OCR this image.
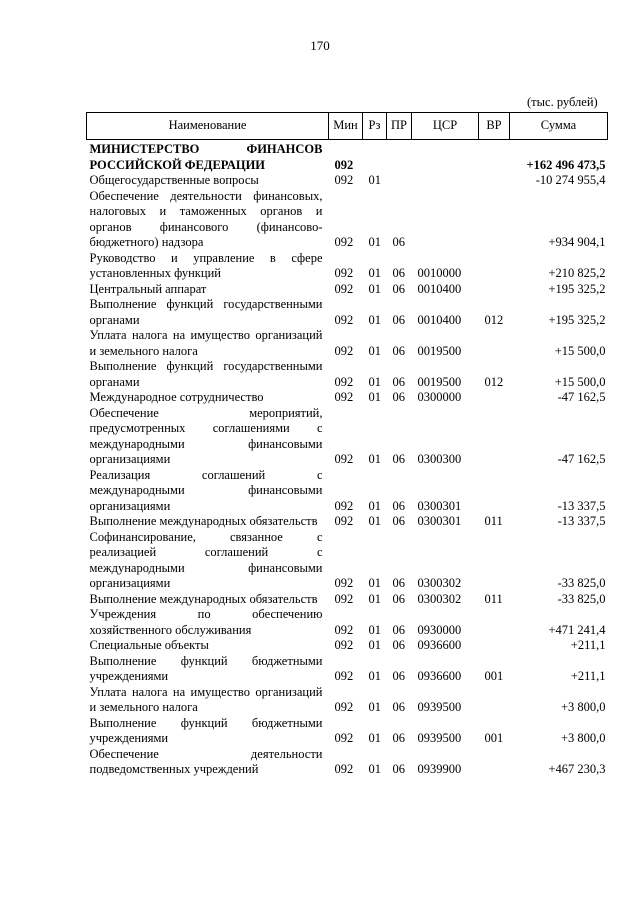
170
(тыс. рублей)
Наименование	Мин	Рз	ПР	ЦСР	ВР	Сумма
МИНИСТЕРСТВО ФИНАНСОВ РОССИЙСКОЙ ФЕДЕРАЦИИ	092					+162 496 473,5
Общегосударственные вопросы	092	01				-10 274 955,4
Обеспечение деятельности финансовых, налоговых и таможенных органов и органов финансового (финансово-бюджетного) надзора	092	01	06			+934 904,1
Руководство и управление в сфере установленных функций	092	01	06	0010000		+210 825,2
Центральный аппарат	092	01	06	0010400		+195 325,2
Выполнение функций государственными органами	092	01	06	0010400	012	+195 325,2
Уплата налога на имущество организаций и земельного налога	092	01	06	0019500		+15 500,0
Выполнение функций государственными органами	092	01	06	0019500	012	+15 500,0
Международное сотрудничество	092	01	06	0300000		-47 162,5
Обеспечение мероприятий, предусмотренных соглашениями с международными финансовыми организациями	092	01	06	0300300		-47 162,5
Реализация соглашений с международными финансовыми организациями	092	01	06	0300301		-13 337,5
Выполнение международных обязательств	092	01	06	0300301	011	-13 337,5
Софинансирование, связанное с реализацией соглашений с международными финансовыми организациями	092	01	06	0300302		-33 825,0
Выполнение международных обязательств	092	01	06	0300302	011	-33 825,0
Учреждения по обеспечению хозяйственного обслуживания	092	01	06	0930000		+471 241,4
Специальные объекты	092	01	06	0936600		+211,1
Выполнение функций бюджетными учреждениями	092	01	06	0936600	001	+211,1
Уплата налога на имущество организаций и земельного налога	092	01	06	0939500		+3 800,0
Выполнение функций бюджетными учреждениями	092	01	06	0939500	001	+3 800,0
Обеспечение деятельности подведомственных учреждений	092	01	06	0939900		+467 230,3
